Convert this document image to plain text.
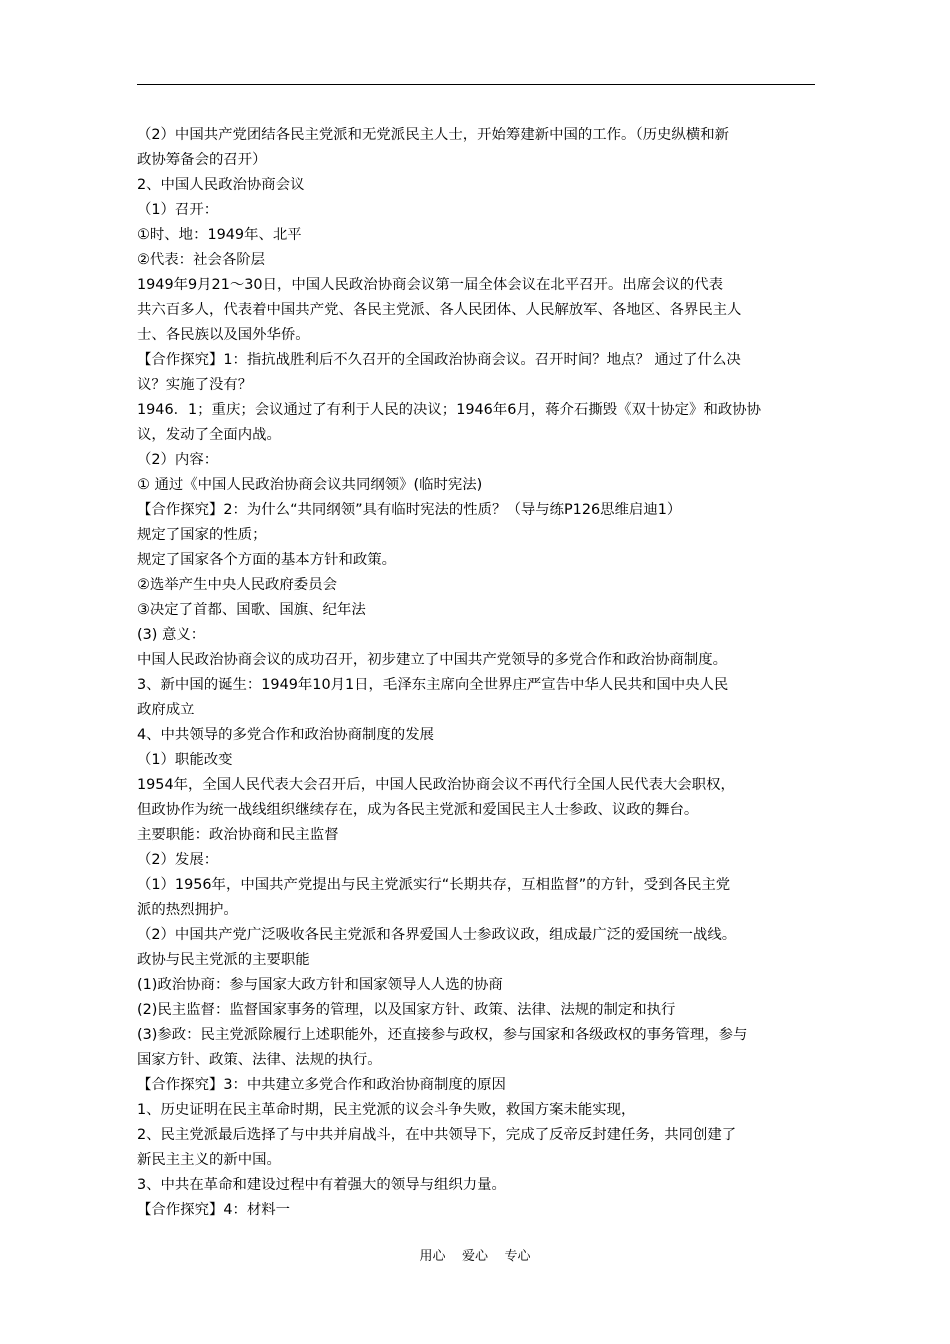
（2）中国共产党团结各民主党派和无党派民主人士，开始筹建新中国的工作。（历史纵横和新
政协筹备会的召开）
2、中国人民政治协商会议
（1）召开：
①时、地：1949年、北平
②代表：社会各阶层
1949年9月21～30日，中国人民政治协商会议第一届全体会议在北平召开。出席会议的代表
共六百多人，代表着中国共产党、各民主党派、各人民团体、人民解放军、各地区、各界民主人
士、各民族以及国外华侨。
【合作探究】1：指抗战胜利后不久召开的全国政治协商会议。召开时间？地点？ 通过了什么决
议？实施了没有？
1946．1；重庆；会议通过了有利于人民的决议；1946年6月，蒋介石撕毁《双十协定》和政协协
议，发动了全面内战。
（2）内容：
① 通过《中国人民政治协商会议共同纲领》(临时宪法)
【合作探究】2：为什么“共同纲领”具有临时宪法的性质？（导与练P126思维启迪1）
规定了国家的性质；
规定了国家各个方面的基本方针和政策。
②选举产生中央人民政府委员会
③决定了首都、国歌、国旗、纪年法
(3) 意义：
中国人民政治协商会议的成功召开，初步建立了中国共产党领导的多党合作和政治协商制度。
3、新中国的诞生：1949年10月1日，毛泽东主席向全世界庄严宣告中华人民共和国中央人民
政府成立
4、中共领导的多党合作和政治协商制度的发展
（1）职能改变
1954年，全国人民代表大会召开后，中国人民政治协商会议不再代行全国人民代表大会职权，
但政协作为统一战线组织继续存在，成为各民主党派和爱国民主人士参政、议政的舞台。
主要职能：政治协商和民主监督
（2）发展：
（1）1956年，中国共产党提出与民主党派实行“长期共存，互相监督”的方针，受到各民主党
派的热烈拥护。
（2）中国共产党广泛吸收各民主党派和各界爱国人士参政议政，组成最广泛的爱国统一战线。
政协与民主党派的主要职能
(1)政治协商：参与国家大政方针和国家领导人人选的协商
(2)民主监督：监督国家事务的管理，以及国家方针、政策、法律、法规的制定和执行
(3)参政：民主党派除履行上述职能外，还直接参与政权，参与国家和各级政权的事务管理，参与
国家方针、政策、法律、法规的执行。
【合作探究】3：中共建立多党合作和政治协商制度的原因
1、历史证明在民主革命时期，民主党派的议会斗争失败，救国方案未能实现，
2、民主党派最后选择了与中共并肩战斗，在中共领导下，完成了反帝反封建任务，共同创建了
新民主主义的新中国。
3、中共在革命和建设过程中有着强大的领导与组织力量。
【合作探究】4：材料一
用心    爱心    专心
